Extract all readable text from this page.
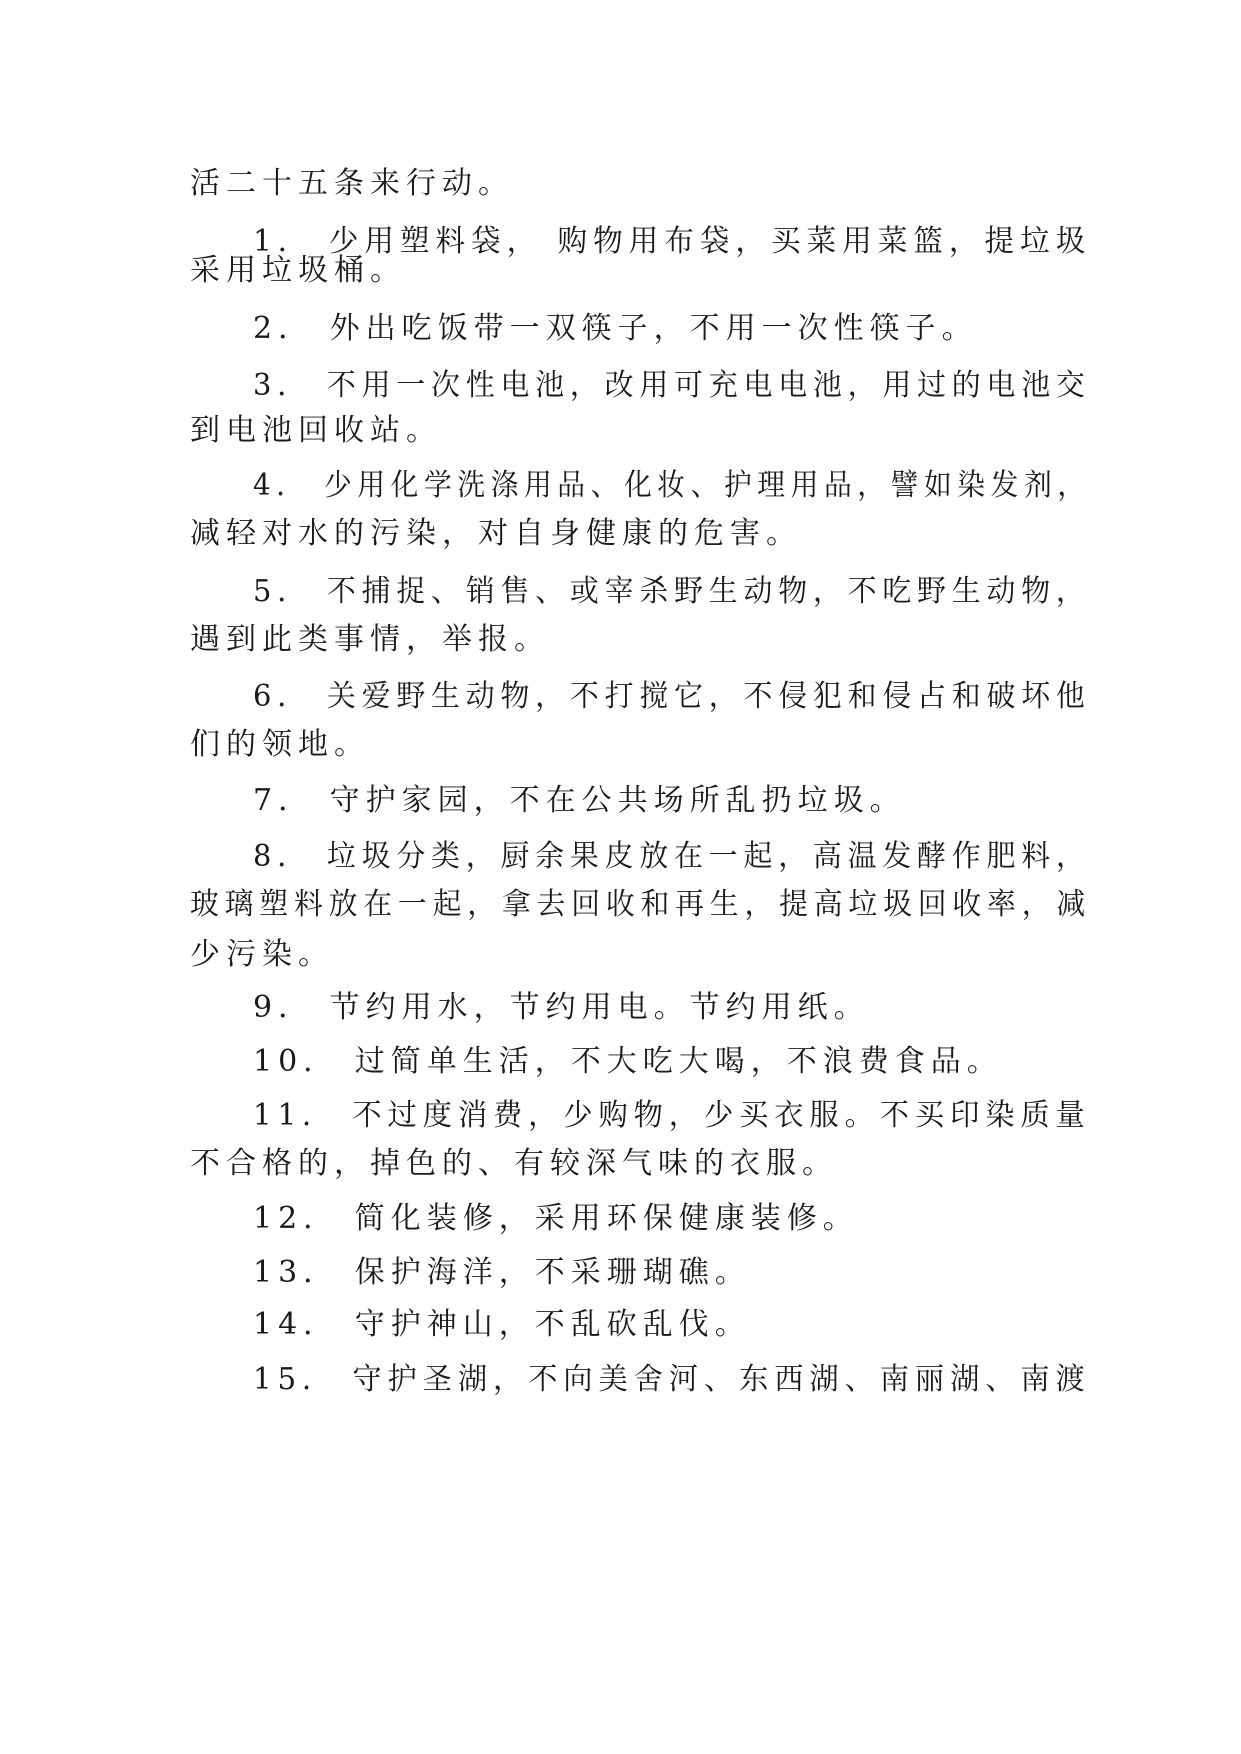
活二十五条来行动。
1． 少用塑料袋， 购物用布袋，买菜用菜篮，提垃圾
采用垃圾桶。
2． 外出吃饭带一双筷子，不用一次性筷子。
3． 不用一次性电池，改用可充电电池，用过的电池交
到电池回收站。
4． 少用化学洗涤用品、化妆、护理用品，譬如染发剂，
减轻对水的污染，对自身健康的危害。
5． 不捕捉、销售、或宰杀野生动物，不吃野生动物，
遇到此类事情，举报。
6． 关爱野生动物，不打搅它，不侵犯和侵占和破坏他
们的领地。
7． 守护家园，不在公共场所乱扔垃圾。
8． 垃圾分类，厨余果皮放在一起，高温发酵作肥料，
玻璃塑料放在一起，拿去回收和再生，提高垃圾回收率，减
少污染。
9． 节约用水，节约用电。节约用纸。
10． 过简单生活，不大吃大喝，不浪费食品。
11． 不过度消费，少购物，少买衣服。不买印染质量
不合格的，掉色的、有较深气味的衣服。
12． 简化装修，采用环保健康装修。
13． 保护海洋，不采珊瑚礁。
14． 守护神山，不乱砍乱伐。
15． 守护圣湖，不向美舍河、东西湖、南丽湖、南渡
